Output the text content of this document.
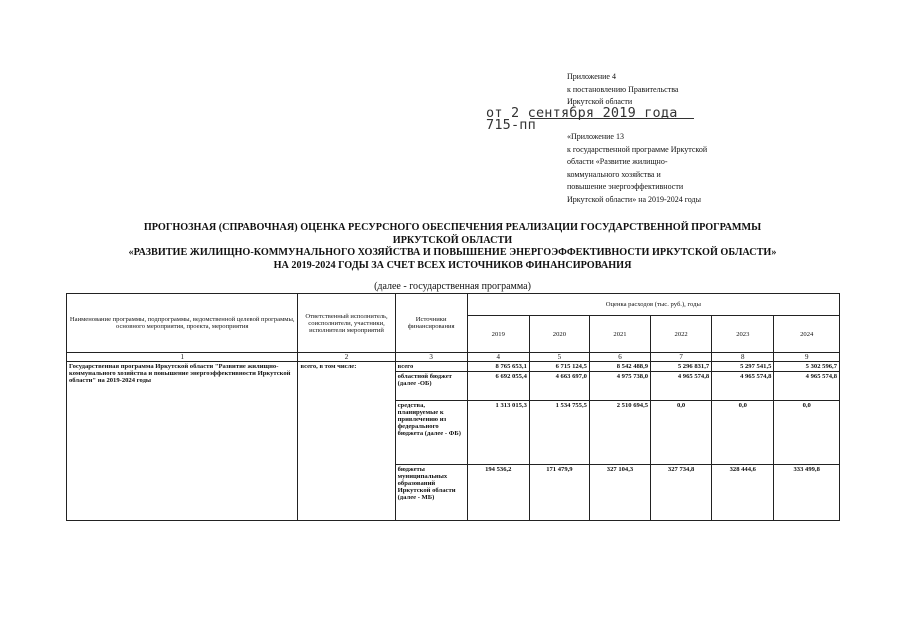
Приложение 4
к постановлению Правительства
Иркутской области
от 2 сентября 2019 года
715-пп
«Приложение 13
к государственной программе Иркутской
области «Развитие жилищно-
коммунального хозяйства и
повышение энергоэффективности
Иркутской области» на 2019-2024 годы
ПРОГНОЗНАЯ (СПРАВОЧНАЯ) ОЦЕНКА РЕСУРСНОГО ОБЕСПЕЧЕНИЯ РЕАЛИЗАЦИИ ГОСУДАРСТВЕННОЙ ПРОГРАММЫ
ИРКУТСКОЙ ОБЛАСТИ
«РАЗВИТИЕ ЖИЛИЩНО-КОММУНАЛЬНОГО ХОЗЯЙСТВА И ПОВЫШЕНИЕ ЭНЕРГОЭФФЕКТИВНОСТИ ИРКУТСКОЙ ОБЛАСТИ»
НА 2019-2024 ГОДЫ ЗА СЧЕТ ВСЕХ ИСТОЧНИКОВ ФИНАНСИРОВАНИЯ
(далее - государственная программа)
Наименование программы, подпрограммы, ведомственной целевой программы, основного мероприятия, проекта, мероприятия	Ответственный исполнитель, соисполнители, участники, исполнители мероприятий	Источники финансирования	Оценка расходов (тыс. руб.), годы					
			2019	2020	2021	2022	2023	2024
1	2	3	4	5	6	7	8	9
Государственная программа Иркутской области "Развитие жилищно-коммунального хозяйства и повышение энергоэффективности Иркутской области" на 2019-2024 годы	всего, в том числе:	всего	8 765 653,1	6 715 124,5	8 542 488,9	5 296 831,7	5 297 541,5	5 302 596,7
		областной бюджет (далее -ОБ)	6 692 055,4	4 663 697,0	4 975 738,0	4 965 574,8	4 965 574,8	4 965 574,8
		средства, планируемые к привлечению из федерального бюджета (далее - ФБ)	1 313 015,3	1 534 755,5	2 510 694,5	0,0	0,0	0,0
		бюджеты муниципальных образований Иркутской области (далее - МБ)	194 536,2	171 479,9	327 104,3	327 734,8	328 444,6	333 499,8
